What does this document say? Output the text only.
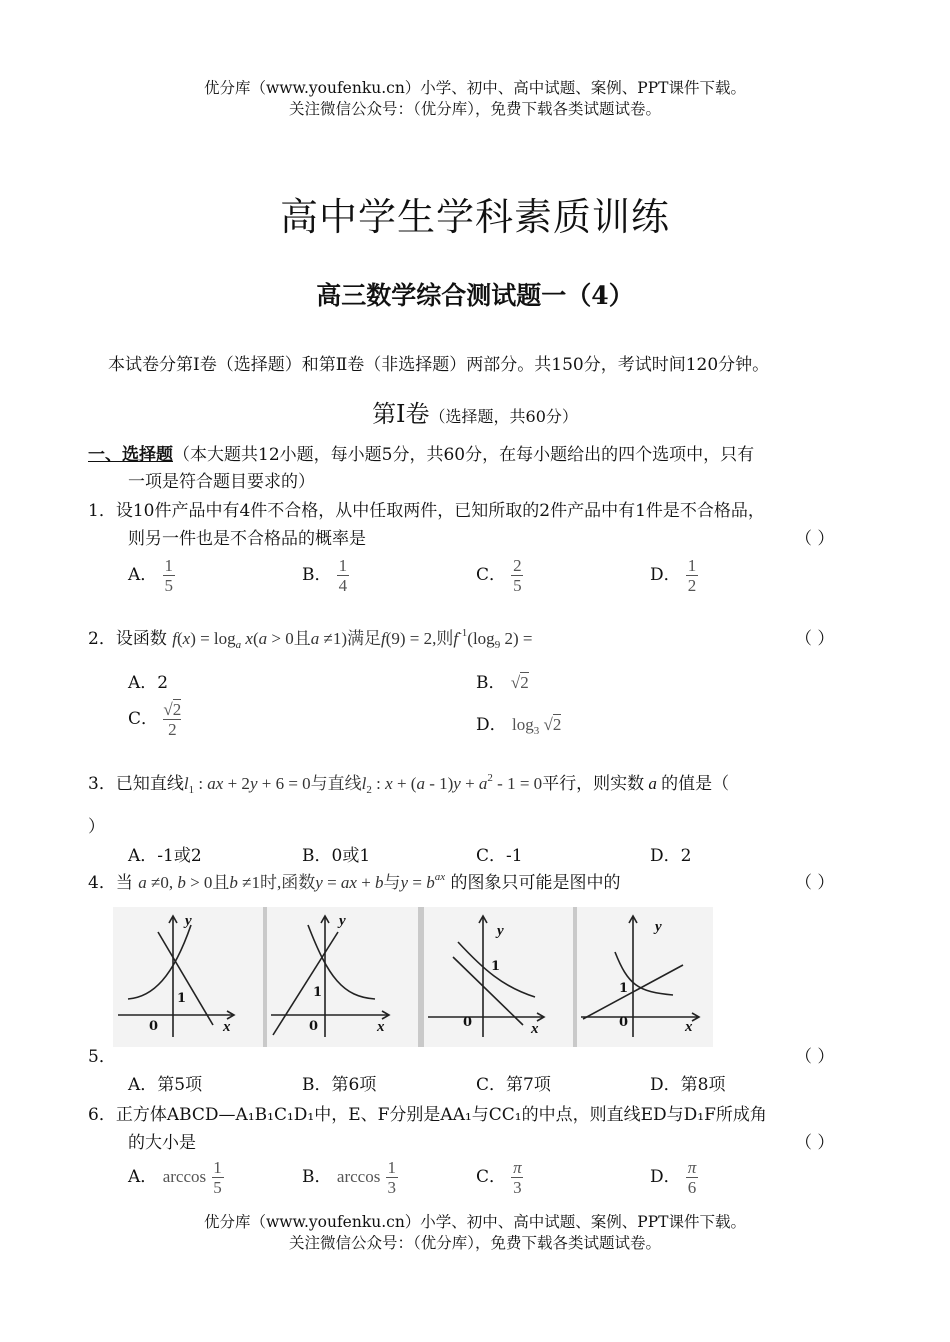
优分库（www.youfenku.cn）小学、初中、高中试题、案例、PPT课件下载。
关注微信公众号：（优分库），免费下载各类试题试卷。
高中学生学科素质训练
高三数学综合测试题一（4）
本试卷分第Ⅰ卷（选择题）和第Ⅱ卷（非选择题）两部分。共150分，考试时间120分钟。
第Ⅰ卷（选择题，共60分）
一、选择题（本大题共12小题，每小题5分，共60分，在每小题给出的四个选项中，只有
一项是符合题目要求的）
1．设10件产品中有4件不合格，从中任取两件，已知所取的2件产品中有1件是不合格品，
则另一件也是不合格品的概率是	（ ）
A． $\frac{1}{5}$	B． $\frac{1}{4}$	C． $\frac{2}{5}$	D． $\frac{1}{2}$
2．设函数 $f(x) = \log_a x(a > 0$且a ≠1)满足f(9) = 2,则$f^{-1}(\log_9$ 2) =	（ ）
A．2	B． √2
C． $\frac{√2}{2}$	D． $\log_3 √2$
3．已知直线$l_1$ : ax + 2y + 6 = 0与直线$l_2$ : $x + (a - 1)y + a^2 - 1 = 0$平行，则实数 a 的值是（
）
A．-1或2	B．0或1	C．-1	D．2
4．当 a ≠0, b > 0且b ≠1时,函数y = ax + b与$y = b^{ax}$ 的图象只可能是图中的	（ ）
y
x
0
1
y
x
0
1
y
x
0
1
y
x
0
1
5．	（ ）
A．第5项	B．第6项	C．第7项	D．第8项
6．正方体ABCD—A₁B₁C₁D₁中，E、F分别是AA₁与CC₁的中点，则直线ED与D₁F所成角
的大小是	（ ）
A． $\arccos \frac{1}{5}$	B． $\arccos \frac{1}{3}$	C． $\frac{\pi}{3}$	D． $\frac{\pi}{6}$
优分库（www.youfenku.cn）小学、初中、高中试题、案例、PPT课件下载。
关注微信公众号：（优分库），免费下载各类试题试卷。
